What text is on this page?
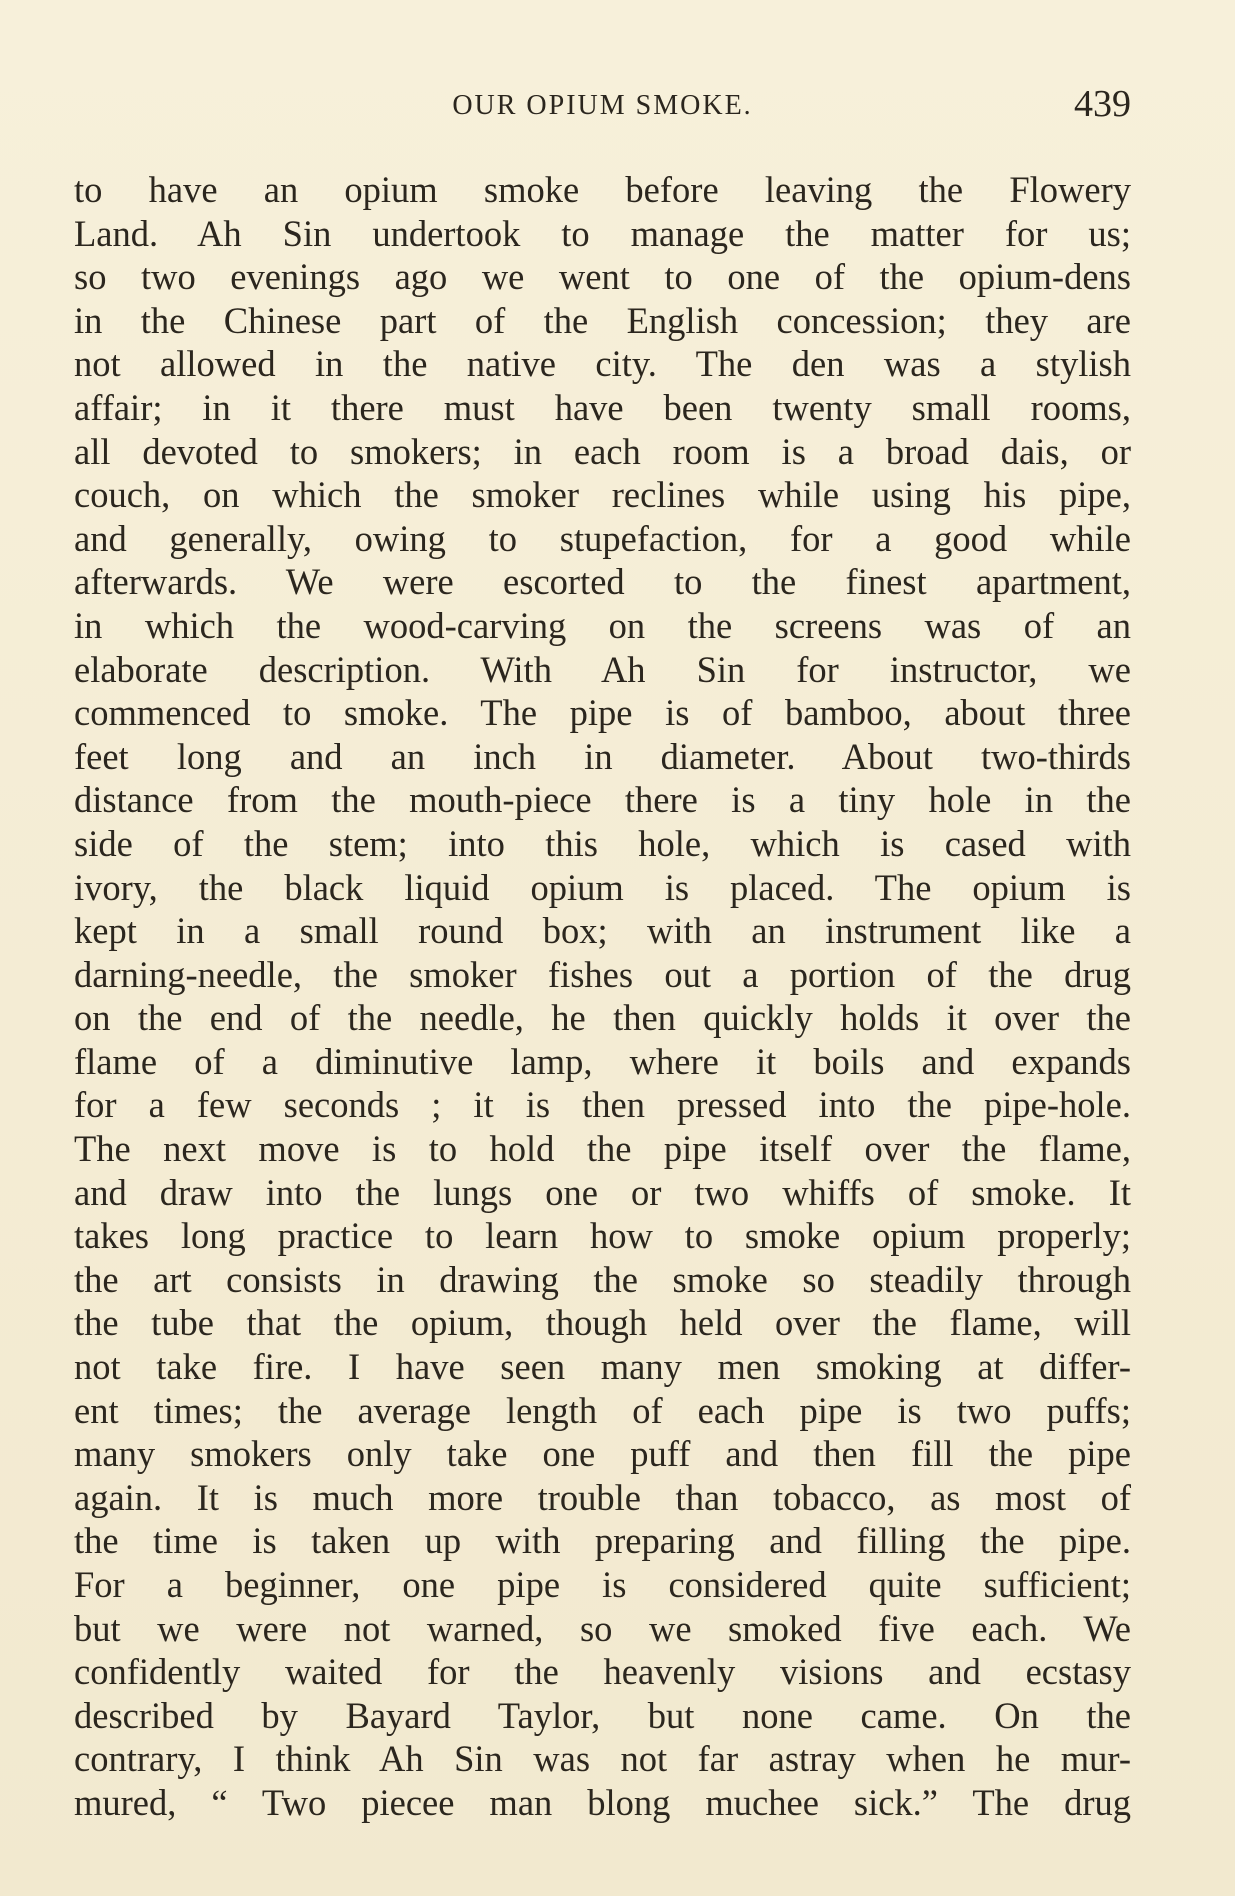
OUR OPIUM SMOKE.	439
to have an opium smoke before leaving the Flowery
Land. Ah Sin undertook to manage the matter for us;
so two evenings ago we went to one of the opium-dens
in the Chinese part of the English concession; they are
not allowed in the native city. The den was a stylish
affair; in it there must have been twenty small rooms,
all devoted to smokers; in each room is a broad dais, or
couch, on which the smoker reclines while using his pipe,
and generally, owing to stupefaction, for a good while
afterwards. We were escorted to the finest apartment,
in which the wood-carving on the screens was of an
elaborate description. With Ah Sin for instructor, we
commenced to smoke. The pipe is of bamboo, about three
feet long and an inch in diameter. About two-thirds
distance from the mouth-piece there is a tiny hole in the
side of the stem; into this hole, which is cased with
ivory, the black liquid opium is placed. The opium is
kept in a small round box; with an instrument like a
darning-needle, the smoker fishes out a portion of the drug
on the end of the needle, he then quickly holds it over the
flame of a diminutive lamp, where it boils and expands
for a few seconds ; it is then pressed into the pipe-hole.
The next move is to hold the pipe itself over the flame,
and draw into the lungs one or two whiffs of smoke. It
takes long practice to learn how to smoke opium properly;
the art consists in drawing the smoke so steadily through
the tube that the opium, though held over the flame, will
not take fire. I have seen many men smoking at differ-
ent times; the average length of each pipe is two puffs;
many smokers only take one puff and then fill the pipe
again. It is much more trouble than tobacco, as most of
the time is taken up with preparing and filling the pipe.
For a beginner, one pipe is considered quite sufficient;
but we were not warned, so we smoked five each. We
confidently waited for the heavenly visions and ecstasy
described by Bayard Taylor, but none came. On the
contrary, I think Ah Sin was not far astray when he mur-
mured, “ Two piecee man blong muchee sick.” The drug
